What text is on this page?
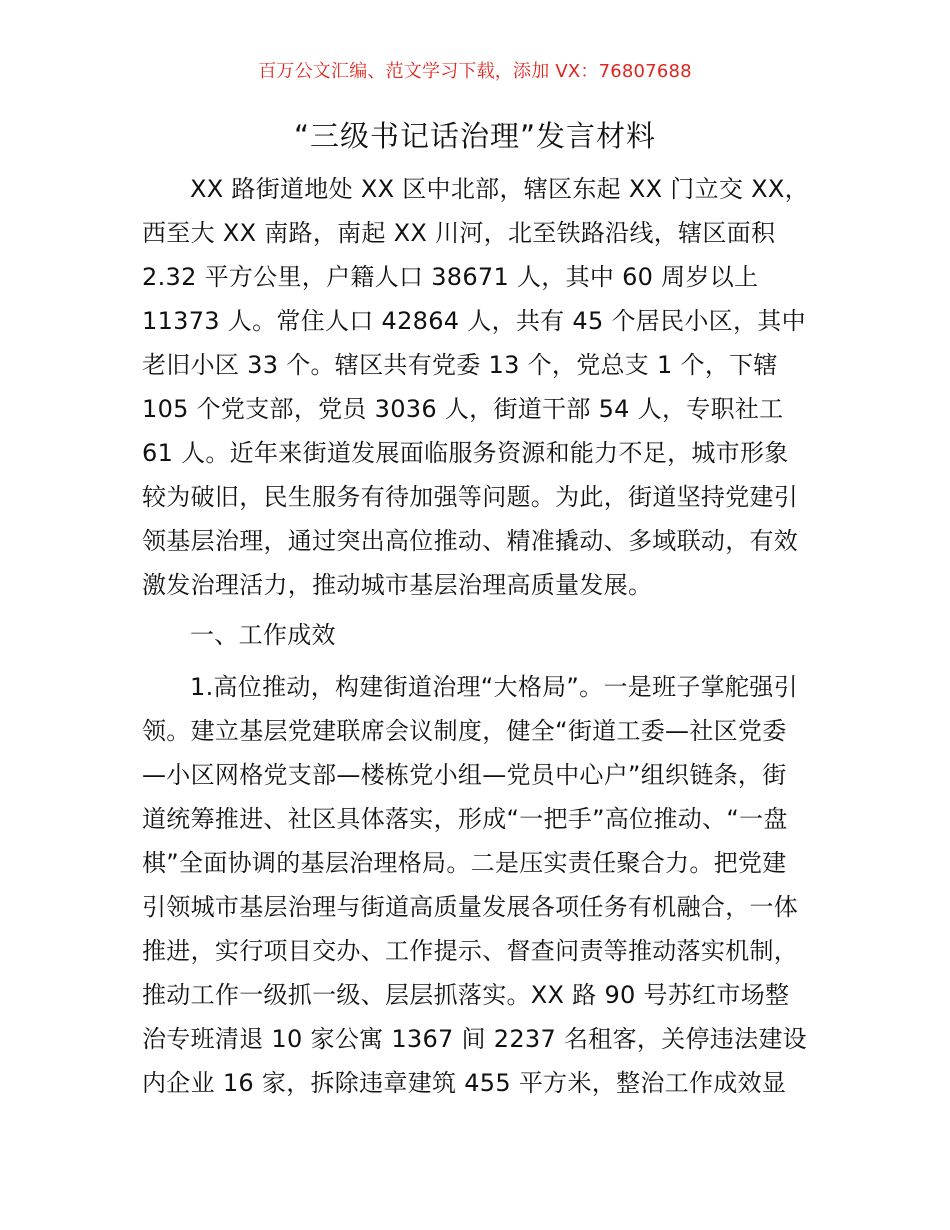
百万公文汇编、范文学习下载，添加 VX：76807688
“三级书记话治理”发言材料
XX 路街道地处 XX 区中北部，辖区东起 XX 门立交 XX，
西至大 XX 南路，南起 XX 川河，北至铁路沿线，辖区面积
2.32 平方公里，户籍人口 38671 人，其中 60 周岁以上
11373 人。常住人口 42864 人，共有 45 个居民小区，其中
老旧小区 33 个。辖区共有党委 13 个，党总支 1 个，下辖
105 个党支部，党员 3036 人，街道干部 54 人，专职社工
61 人。近年来街道发展面临服务资源和能力不足，城市形象
较为破旧，民生服务有待加强等问题。为此，街道坚持党建引
领基层治理，通过突出高位推动、精准撬动、多域联动，有效
激发治理活力，推动城市基层治理高质量发展。
一、工作成效
1.高位推动，构建街道治理“大格局”。一是班子掌舵强引
领。建立基层党建联席会议制度，健全“街道工委—社区党委
—小区网格党支部—楼栋党小组—党员中心户”组织链条，街
道统筹推进、社区具体落实，形成“一把手”高位推动、“一盘
棋”全面协调的基层治理格局。二是压实责任聚合力。把党建
引领城市基层治理与街道高质量发展各项任务有机融合，一体
推进，实行项目交办、工作提示、督查问责等推动落实机制，
推动工作一级抓一级、层层抓落实。XX 路 90 号苏红市场整
治专班清退 10 家公寓 1367 间 2237 名租客，关停违法建设
内企业 16 家，拆除违章建筑 455 平方米，整治工作成效显
